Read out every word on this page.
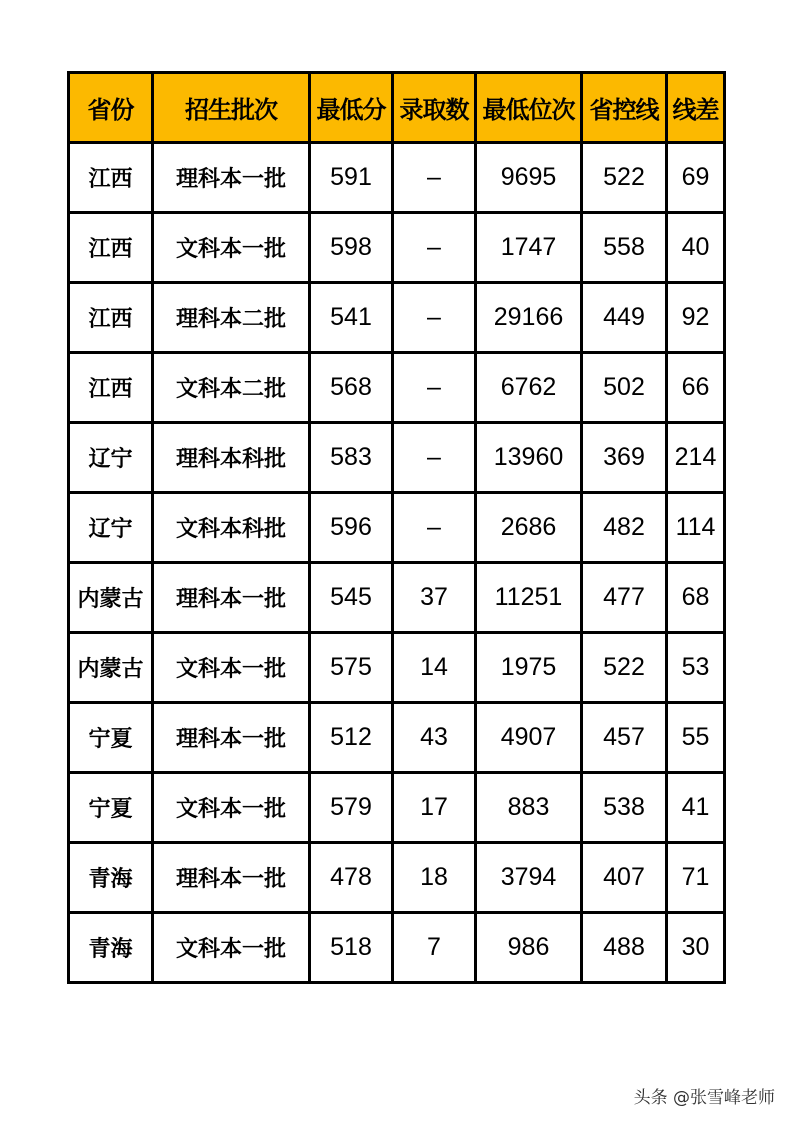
省份	招生批次	最低分	录取数	最低位次	省控线	线差
江西	理科本一批	591	–	9695	522	69
江西	文科本一批	598	–	1747	558	40
江西	理科本二批	541	–	29166	449	92
江西	文科本二批	568	–	6762	502	66
辽宁	理科本科批	583	–	13960	369	214
辽宁	文科本科批	596	–	2686	482	114
内蒙古	理科本一批	545	37	11251	477	68
内蒙古	文科本一批	575	14	1975	522	53
宁夏	理科本一批	512	43	4907	457	55
宁夏	文科本一批	579	17	883	538	41
青海	理科本一批	478	18	3794	407	71
青海	文科本一批	518	7	986	488	30
头条 @张雪峰老师
